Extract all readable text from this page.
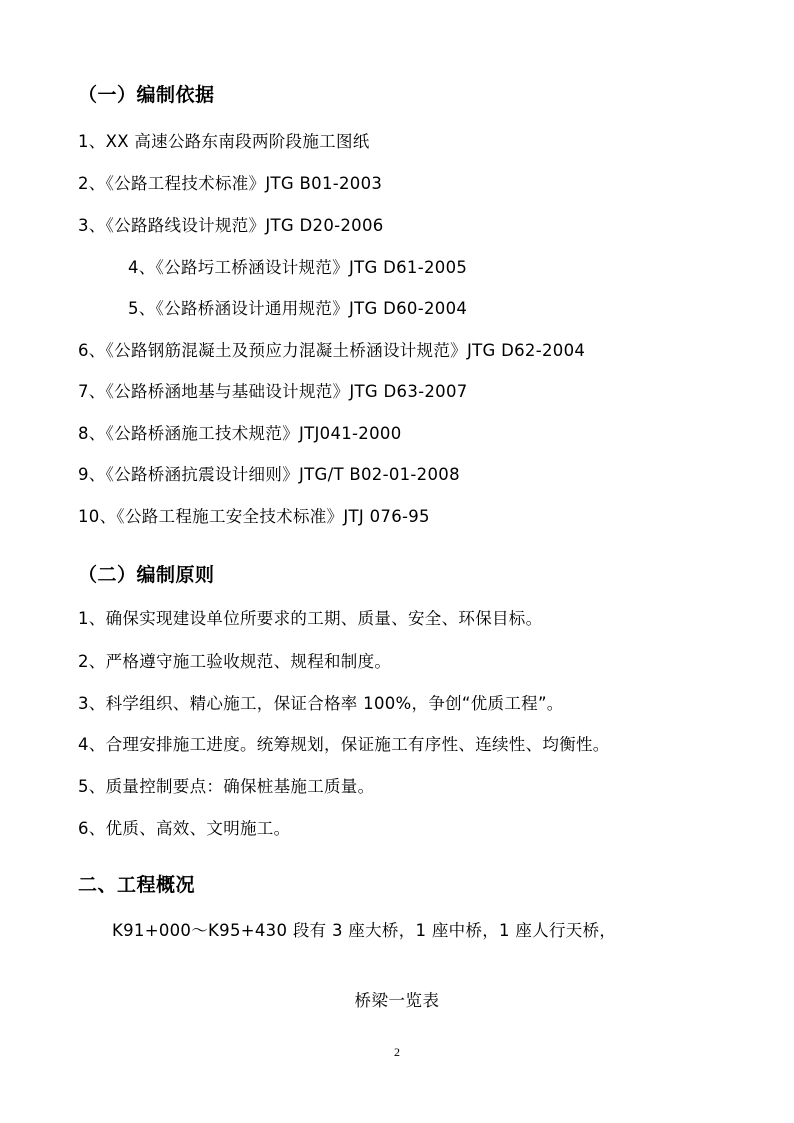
（一）编制依据
1、XX 高速公路东南段两阶段施工图纸
2、《公路工程技术标准》JTG B01-2003
3、《公路路线设计规范》JTG D20-2006
4、《公路圬工桥涵设计规范》JTG D61-2005
5、《公路桥涵设计通用规范》JTG D60-2004
6、《公路钢筋混凝土及预应力混凝土桥涵设计规范》JTG D62-2004
7、《公路桥涵地基与基础设计规范》JTG D63-2007
8、《公路桥涵施工技术规范》JTJ041-2000
9、《公路桥涵抗震设计细则》JTG/T B02-01-2008
10、《公路工程施工安全技术标准》JTJ 076-95
（二）编制原则
1、确保实现建设单位所要求的工期、质量、安全、环保目标。
2、严格遵守施工验收规范、规程和制度。
3、科学组织、精心施工，保证合格率 100%，争创“优质工程”。
4、合理安排施工进度。统筹规划，保证施工有序性、连续性、均衡性。
5、质量控制要点：确保桩基施工质量。
6、优质、高效、文明施工。
二、工程概况
K91+000～K95+430 段有 3 座大桥，1 座中桥，1 座人行天桥，
桥梁一览表
2
